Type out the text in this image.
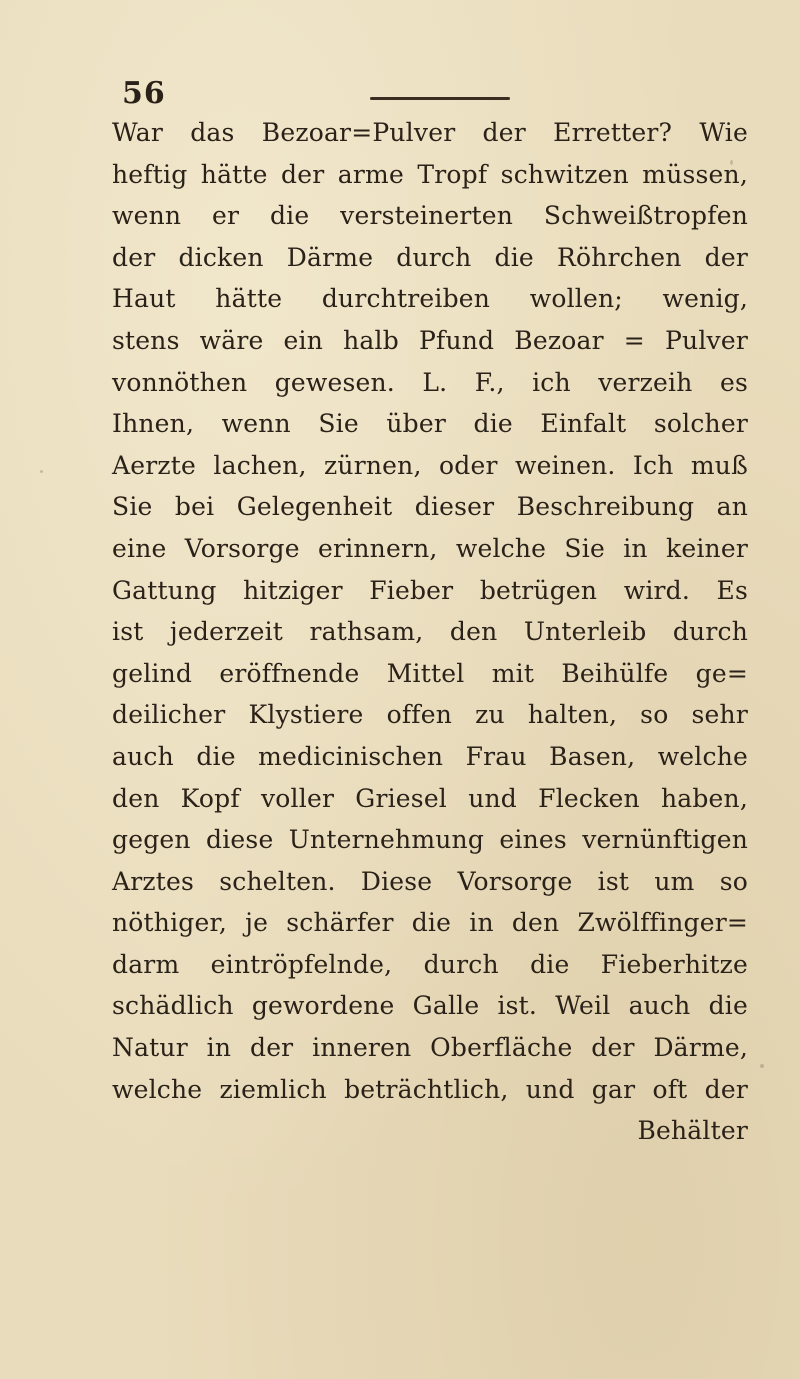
56
War das Bezoar=Pulver der Erretter? Wie
heftig hätte der arme Tropf schwitzen müssen,
wenn er die versteinerten Schweißtropfen
der dicken Därme durch die Röhrchen der
Haut hätte durchtreiben wollen; wenig,
stens wäre ein halb Pfund Bezoar = Pulver
vonnöthen gewesen. L. F., ich verzeih es
Ihnen, wenn Sie über die Einfalt solcher
Aerzte lachen, zürnen, oder weinen. Ich muß
Sie bei Gelegenheit dieser Beschreibung an
eine Vorsorge erinnern, welche Sie in keiner
Gattung hitziger Fieber betrügen wird. Es
ist jederzeit rathsam, den Unterleib durch
gelind eröffnende Mittel mit Beihülfe ge=
deilicher Klystiere offen zu halten, so sehr
auch die medicinischen Frau Basen, welche
den Kopf voller Griesel und Flecken haben,
gegen diese Unternehmung eines vernünftigen
Arztes schelten. Diese Vorsorge ist um so
nöthiger, je schärfer die in den Zwölffinger=
darm eintröpfelnde, durch die Fieberhitze
schädlich gewordene Galle ist. Weil auch die
Natur in der inneren Oberfläche der Därme,
welche ziemlich beträchtlich, und gar oft der
Behälter
